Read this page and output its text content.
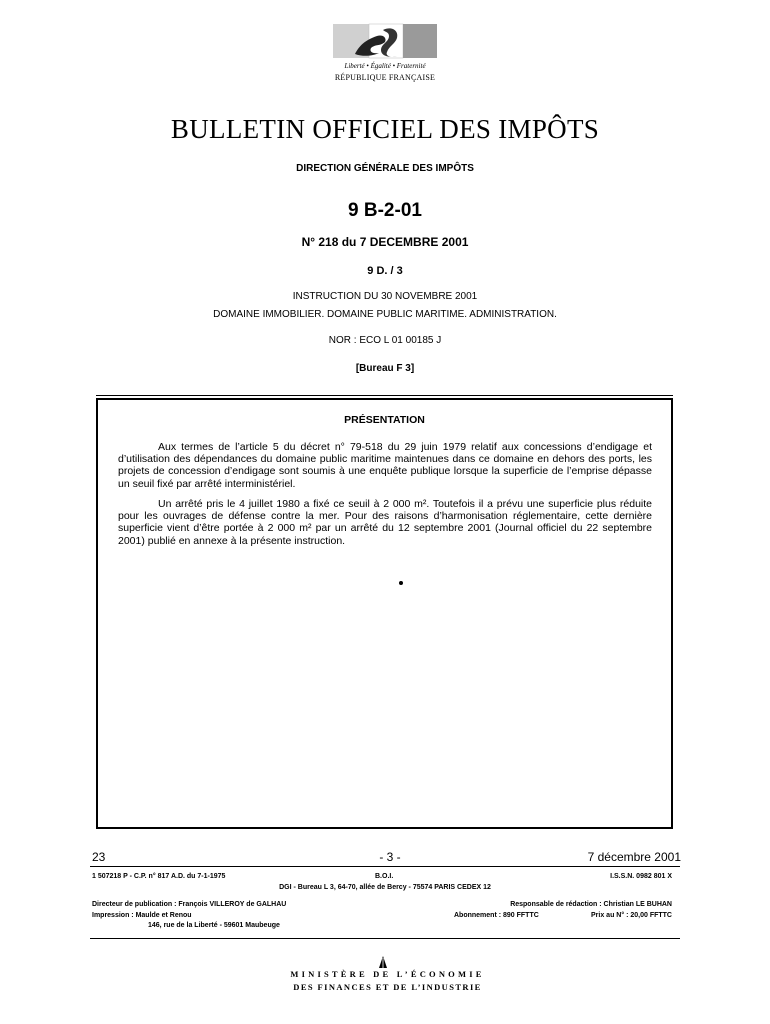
Liberté • Égalité • Fraternité
RÉPUBLIQUE FRANÇAISE
BULLETIN OFFICIEL DES IMPÔTS
DIRECTION GÉNÉRALE DES IMPÔTS
9 B-2-01
N° 218 du 7 DECEMBRE 2001
9 D. / 3
INSTRUCTION DU 30 NOVEMBRE 2001
DOMAINE IMMOBILIER. DOMAINE PUBLIC MARITIME. ADMINISTRATION.
NOR : ECO L 01 00185 J
[Bureau F 3]
PRÉSENTATION
Aux termes de l’article 5 du décret n° 79-518 du 29 juin 1979 relatif aux concessions d’endigage et d’utilisation des dépendances du domaine public maritime maintenues dans ce domaine en dehors des ports, les projets de concession d’endigage sont soumis à une enquête publique lorsque la superficie de l’emprise dépasse un seuil fixé par arrêté interministériel.
Un arrêté pris le 4 juillet 1980 a fixé ce seuil à 2 000 m². Toutefois il a prévu une superficie plus réduite pour les ouvrages de défense contre la mer. Pour des raisons d’harmonisation réglementaire, cette dernière superficie vient d’être portée à 2 000 m² par un arrêté du 12 septembre 2001 (Journal officiel du 22 septembre 2001) publié en annexe à la présente instruction.
23	- 3 -	7 décembre 2001
1 507218 P - C.P. n° 817 A.D. du 7-1-1975	B.O.I.	I.S.S.N. 0982 801 X
DGI - Bureau L 3, 64-70, allée de Bercy - 75574 PARIS CEDEX 12
Directeur de publication : François VILLEROY de GALHAU	Responsable de rédaction : Christian LE BUHAN
Impression : Maulde et Renou	Abonnement : 890 FFTTC	Prix au N° : 20,00 FFTTC
146, rue de la Liberté - 59601 Maubeuge
MINISTÈRE DE L’ÉCONOMIE
DES FINANCES ET DE L’INDUSTRIE
